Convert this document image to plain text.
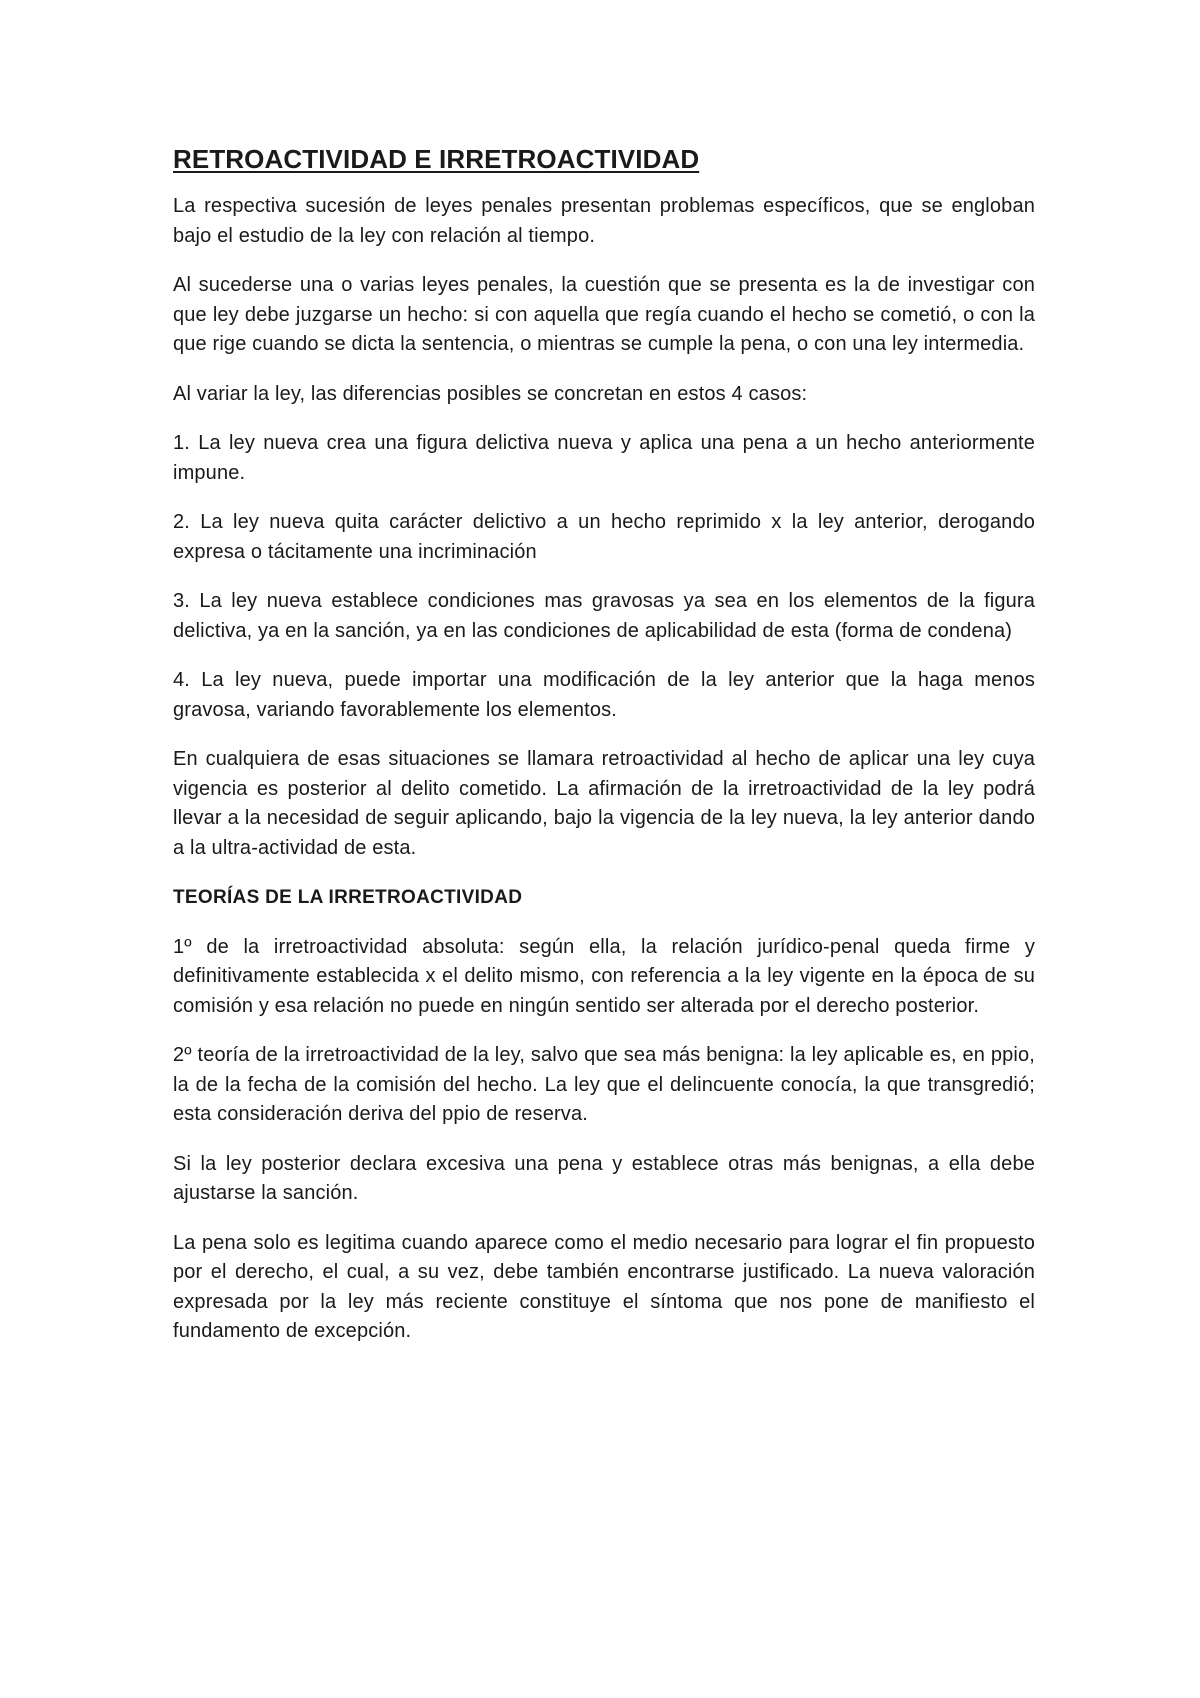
RETROACTIVIDAD E IRRETROACTIVIDAD

La respectiva sucesión de leyes penales presentan problemas específicos, que se engloban bajo el estudio de la ley con relación al tiempo.

Al sucederse una o varias leyes penales, la cuestión que se presenta es la de investigar con que ley debe juzgarse un hecho: si con aquella que regía cuando el hecho se cometió, o con la que rige cuando se dicta la sentencia, o mientras se cumple la pena, o con una ley intermedia.

Al variar la ley, las diferencias posibles se concretan en estos 4 casos:

1. La ley nueva crea una figura delictiva nueva y aplica una pena a un hecho anteriormente impune.

2. La ley nueva quita carácter delictivo a un hecho reprimido x la ley anterior, derogando expresa o tácitamente una incriminación

3. La ley nueva establece condiciones mas gravosas ya sea en los elementos de la figura delictiva, ya en la sanción, ya en las condiciones de aplicabilidad de esta (forma de condena)

4. La ley nueva, puede importar una modificación de la ley anterior que la haga menos gravosa, variando favorablemente los elementos.

En cualquiera de esas situaciones se llamara retroactividad al hecho de aplicar una ley cuya vigencia es posterior al delito cometido. La afirmación de la irretroactividad de la ley podrá llevar a la necesidad de seguir aplicando, bajo la vigencia de la ley nueva, la ley anterior dando a la ultra-actividad de esta.

TEORÍAS DE LA IRRETROACTIVIDAD

1º de la irretroactividad absoluta: según ella, la relación jurídico-penal queda firme y definitivamente establecida x el delito mismo, con referencia a la ley vigente en la época de su comisión y esa relación no puede en ningún sentido ser alterada por el derecho posterior.

2º teoría de la irretroactividad de la ley, salvo que sea más benigna: la ley aplicable es, en ppio, la de la fecha de la comisión del hecho. La ley que el delincuente conocía, la que transgredió; esta consideración deriva del ppio de reserva.

Si la ley posterior declara excesiva una pena y establece otras más benignas, a ella debe ajustarse la sanción.

La pena solo es legitima cuando aparece como el medio necesario para lograr el fin propuesto por el derecho, el cual, a su vez, debe también encontrarse justificado. La nueva valoración expresada por la ley más reciente constituye el síntoma que nos pone de manifiesto el fundamento de excepción.
